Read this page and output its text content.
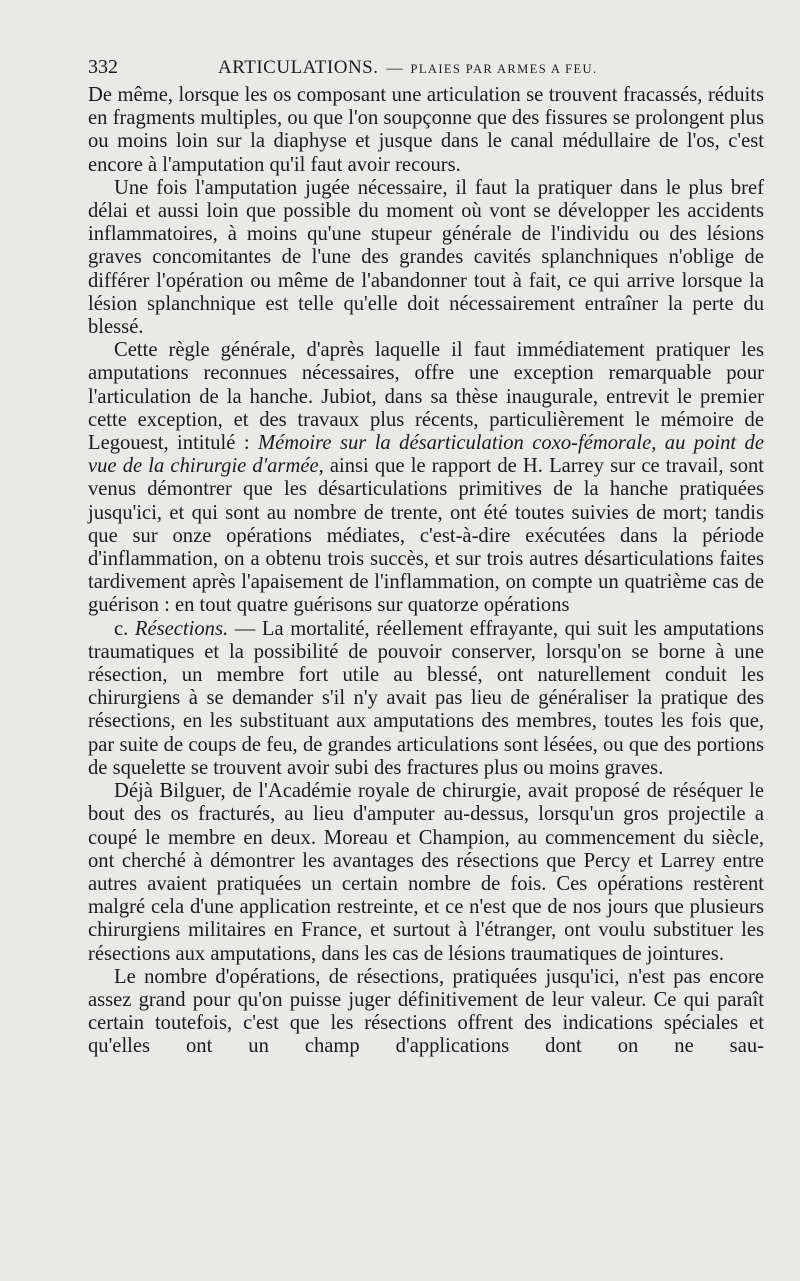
332	ARTICULATIONS. — PLAIES PAR ARMES A FEU.

De même, lorsque les os composant une articulation se trouvent fracassés, réduits en fragments multiples, ou que l'on soupçonne que des fissures se prolongent plus ou moins loin sur la diaphyse et jusque dans le canal médullaire de l'os, c'est encore à l'amputation qu'il faut avoir recours.

Une fois l'amputation jugée nécessaire, il faut la pratiquer dans le plus bref délai et aussi loin que possible du moment où vont se développer les accidents inflammatoires, à moins qu'une stupeur générale de l'individu ou des lésions graves concomitantes de l'une des grandes cavités splanchniques n'oblige de différer l'opération ou même de l'abandonner tout à fait, ce qui arrive lorsque la lésion splanchnique est telle qu'elle doit nécessairement entraîner la perte du blessé.

Cette règle générale, d'après laquelle il faut immédiatement pratiquer les amputations reconnues nécessaires, offre une exception remarquable pour l'articulation de la hanche. Jubiot, dans sa thèse inaugurale, entrevit le premier cette exception, et des travaux plus récents, particulièrement le mémoire de Legouest, intitulé : Mémoire sur la désarticulation coxo-fémorale, au point de vue de la chirurgie d'armée, ainsi que le rapport de H. Larrey sur ce travail, sont venus démontrer que les désarticulations primitives de la hanche pratiquées jusqu'ici, et qui sont au nombre de trente, ont été toutes suivies de mort; tandis que sur onze opérations médiates, c'est-à-dire exécutées dans la période d'inflammation, on a obtenu trois succès, et sur trois autres désarticulations faites tardivement après l'apaisement de l'inflammation, on compte un quatrième cas de guérison : en tout quatre guérisons sur quatorze opérations

c. Résections. — La mortalité, réellement effrayante, qui suit les amputations traumatiques et la possibilité de pouvoir conserver, lorsqu'on se borne à une résection, un membre fort utile au blessé, ont naturellement conduit les chirurgiens à se demander s'il n'y avait pas lieu de généraliser la pratique des résections, en les substituant aux amputations des membres, toutes les fois que, par suite de coups de feu, de grandes articulations sont lésées, ou que des portions de squelette se trouvent avoir subi des fractures plus ou moins graves.

Déjà Bilguer, de l'Académie royale de chirurgie, avait proposé de réséquer le bout des os fracturés, au lieu d'amputer au-dessus, lorsqu'un gros projectile a coupé le membre en deux. Moreau et Champion, au commencement du siècle, ont cherché à démontrer les avantages des résections que Percy et Larrey entre autres avaient pratiquées un certain nombre de fois. Ces opérations restèrent malgré cela d'une application restreinte, et ce n'est que de nos jours que plusieurs chirurgiens militaires en France, et surtout à l'étranger, ont voulu substituer les résections aux amputations, dans les cas de lésions traumatiques de jointures.

Le nombre d'opérations, de résections, pratiquées jusqu'ici, n'est pas encore assez grand pour qu'on puisse juger définitivement de leur valeur. Ce qui paraît certain toutefois, c'est que les résections offrent des indications spéciales et qu'elles ont un champ d'applications dont on ne sau-
